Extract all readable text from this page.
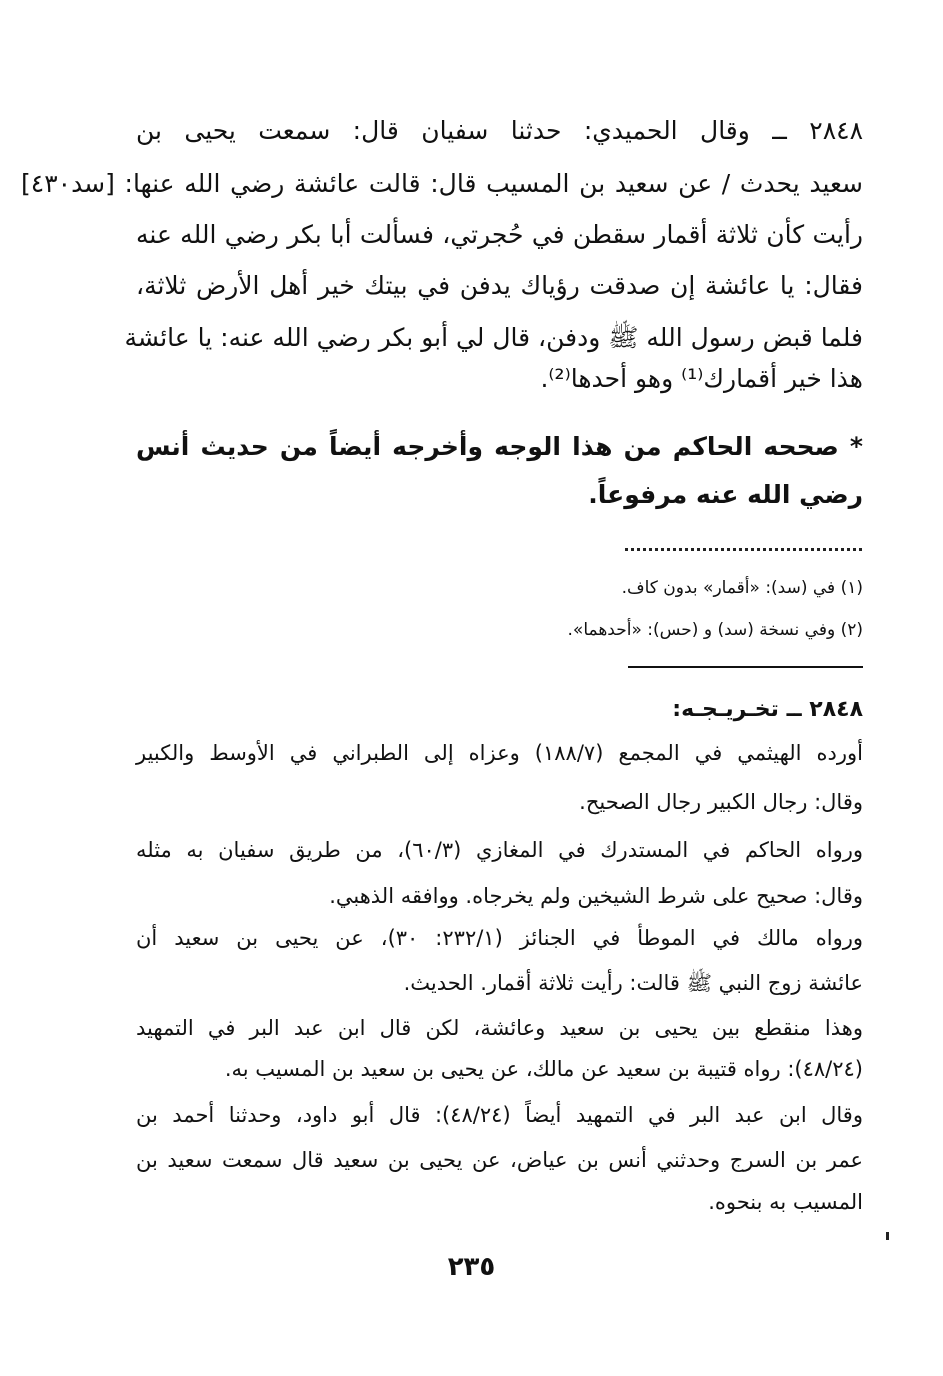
٢٨٤٨ ــ وقال الحميدي: حدثنا سفيان قال: سمعت يحيى بن
سعيد يحدث / عن سعيد بن المسيب قال: قالت عائشة رضي الله عنها: [سد٤٣٠]
رأيت كأن ثلاثة أقمار سقطن في حُجرتي، فسألت أبا بكر رضي الله عنه
فقال: يا عائشة إن صدقت رؤياك يدفن في بيتك خير أهل الأرض ثلاثة،
فلما قبض رسول الله ﷺ ودفن، قال لي أبو بكر رضي الله عنه: يا عائشة
هذا خير أقمارك⁽¹⁾ وهو أحدها⁽²⁾.
* صححه الحاكم من هذا الوجه وأخرجه أيضاً من حديث أنس
رضي الله عنه مرفوعاً.
(١) في (سد): «أقمار» بدون كاف.
(٢) وفي نسخة (سد) و (حس): «أحدهما».
٢٨٤٨ ــ تخـريـجـه:
أورده الهيثمي في المجمع (١٨٨/٧) وعزاه إلى الطبراني في الأوسط والكبير
وقال: رجال الكبير رجال الصحيح.
ورواه الحاكم في المستدرك في المغازي (٦٠/٣)، من طريق سفيان به مثله
وقال: صحيح على شرط الشيخين ولم يخرجاه. ووافقه الذهبي.
ورواه مالك في الموطأ في الجنائز (٢٣٢/١: ٣٠)، عن يحيى بن سعيد أن
عائشة زوج النبي ﷺ قالت: رأيت ثلاثة أقمار. الحديث.
وهذا منقطع بين يحيى بن سعيد وعائشة، لكن قال ابن عبد البر في التمهيد
(٤٨/٢٤): رواه قتيبة بن سعيد عن مالك، عن يحيى بن سعيد بن المسيب به.
وقال ابن عبد البر في التمهيد أيضاً (٤٨/٢٤): قال أبو داود، وحدثنا أحمد بن
عمر بن السرج وحدثني أنس بن عياض، عن يحيى بن سعيد قال سمعت سعيد بن
المسيب به بنحوه.
٢٣٥
